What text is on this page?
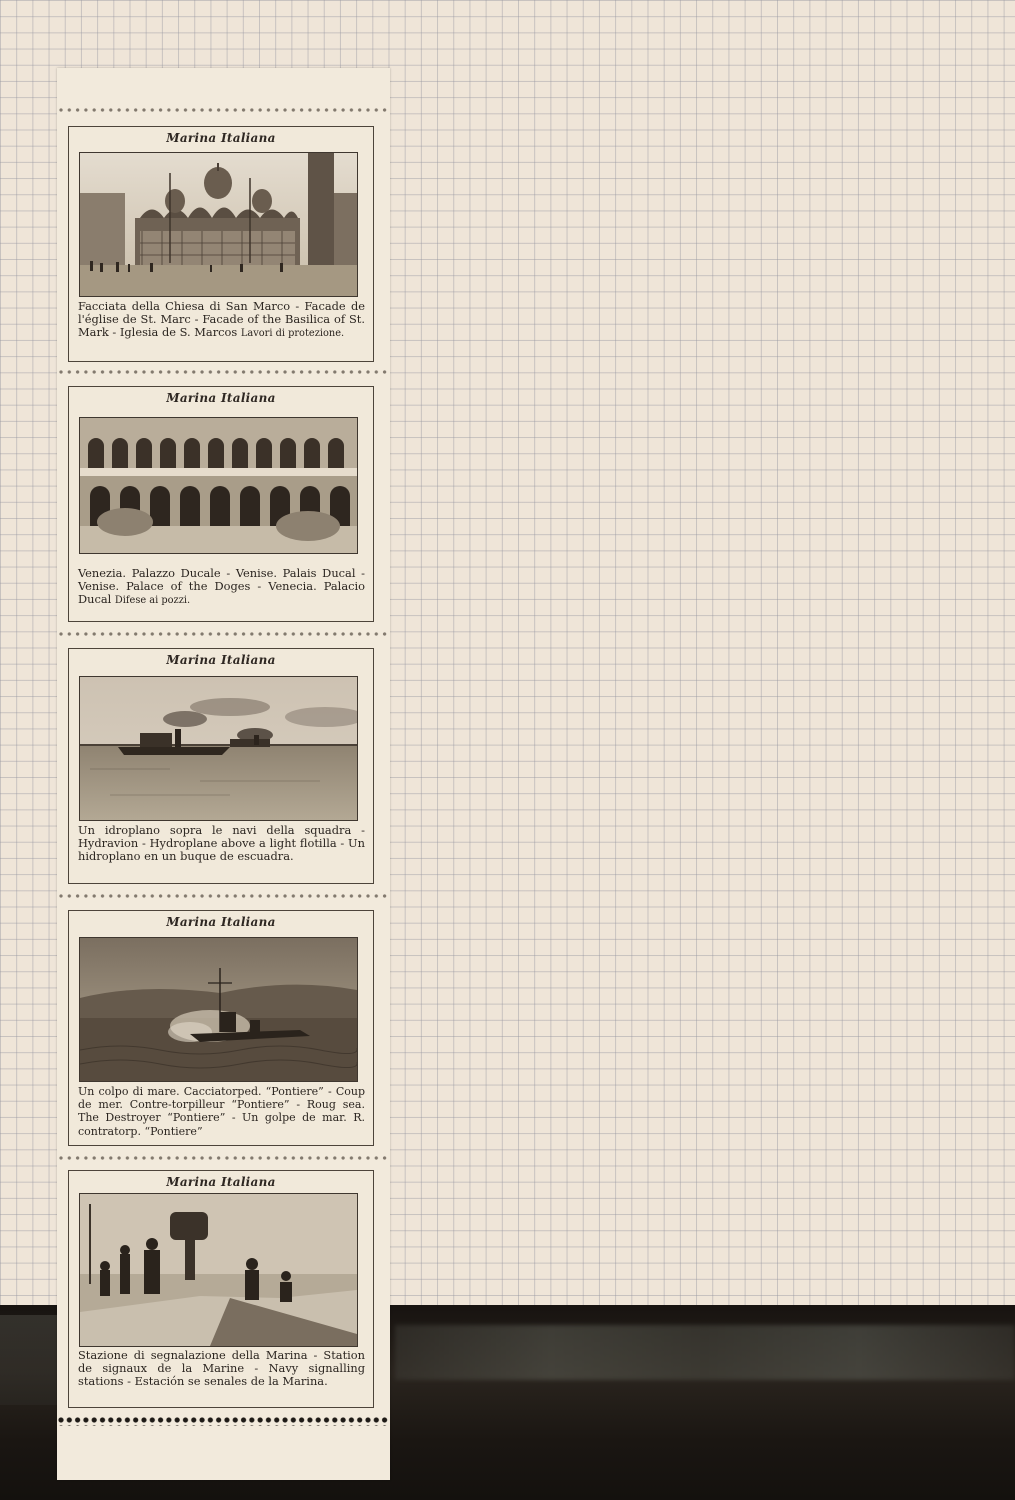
Marina Italiana
Facciata della Chiesa di San Marco - Facade de l'église de St. Marc - Facade of the Basilica of St. Mark - Iglesia de S. Marcos Lavori di protezione.
Marina Italiana
Venezia. Palazzo Ducale - Venise. Palais Ducal - Venise. Palace of the Doges - Venecia. Palacio Ducal Difese ai pozzi.
Marina Italiana
Un idroplano sopra le navi della squadra - Hydravion - Hydroplane above a light flotilla - Un hidroplano en un buque de escuadra.
Marina Italiana
Un colpo di mare. Cacciatorped. “Pontiere” - Coup de mer. Contre-torpilleur “Pontiere” - Roug sea. The Destroyer “Pontiere” - Un golpe de mar. R. contratorp. “Pontiere”
Marina Italiana
Stazione di segnalazione della Marina - Station de signaux de la Marine - Navy signalling stations - Estación se senales de la Marina.
